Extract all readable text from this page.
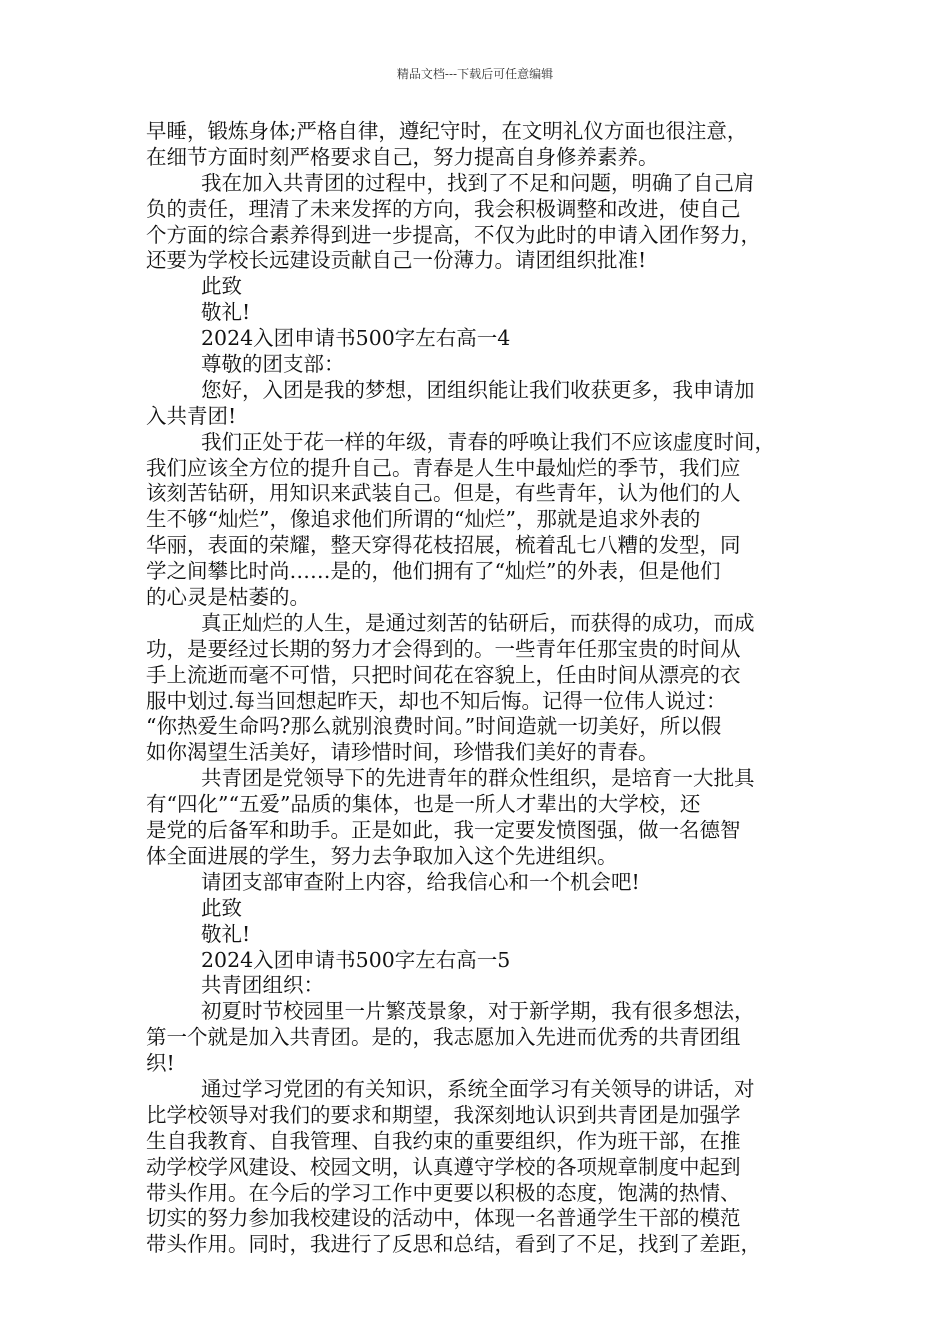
精品文档---下载后可任意编辑
早睡，锻炼身体;严格自律，遵纪守时，在文明礼仪方面也很注意，
在细节方面时刻严格要求自己，努力提高自身修养素养。
我在加入共青团的过程中，找到了不足和问题，明确了自己肩
负的责任，理清了未来发挥的方向，我会积极调整和改进，使自己
个方面的综合素养得到进一步提高，不仅为此时的申请入团作努力，
还要为学校长远建设贡献自己一份薄力。请团组织批准!
此致
敬礼!
2024入团申请书500字左右高一4
尊敬的团支部：
您好，入团是我的梦想，团组织能让我们收获更多，我申请加
入共青团!
我们正处于花一样的年级，青春的呼唤让我们不应该虚度时间，
我们应该全方位的提升自己。青春是人生中最灿烂的季节，我们应
该刻苦钻研，用知识来武装自己。但是，有些青年，认为他们的人
生不够“灿烂”，像追求他们所谓的“灿烂”，那就是追求外表的
华丽，表面的荣耀，整天穿得花枝招展，梳着乱七八糟的发型，同
学之间攀比时尚……是的，他们拥有了“灿烂”的外表，但是他们
的心灵是枯萎的。
真正灿烂的人生，是通过刻苦的钻研后，而获得的成功，而成
功，是要经过长期的努力才会得到的。一些青年任那宝贵的时间从
手上流逝而毫不可惜，只把时间花在容貌上，任由时间从漂亮的衣
服中划过.每当回想起昨天，却也不知后悔。记得一位伟人说过：
“你热爱生命吗?那么就别浪费时间。”时间造就一切美好，所以假
如你渴望生活美好，请珍惜时间，珍惜我们美好的青春。
共青团是党领导下的先进青年的群众性组织，是培育一大批具
有“四化”“五爱”品质的集体，也是一所人才辈出的大学校，还
是党的后备军和助手。正是如此，我一定要发愤图强，做一名德智
体全面进展的学生，努力去争取加入这个先进组织。
请团支部审查附上内容，给我信心和一个机会吧!
此致
敬礼!
2024入团申请书500字左右高一5
共青团组织：
初夏时节校园里一片繁茂景象，对于新学期，我有很多想法，
第一个就是加入共青团。是的，我志愿加入先进而优秀的共青团组
织!
通过学习党团的有关知识，系统全面学习有关领导的讲话，对
比学校领导对我们的要求和期望，我深刻地认识到共青团是加强学
生自我教育、自我管理、自我约束的重要组织，作为班干部，在推
动学校学风建设、校园文明，认真遵守学校的各项规章制度中起到
带头作用。在今后的学习工作中更要以积极的态度，饱满的热情、
切实的努力参加我校建设的活动中，体现一名普通学生干部的模范
带头作用。同时，我进行了反思和总结，看到了不足，找到了差距，
